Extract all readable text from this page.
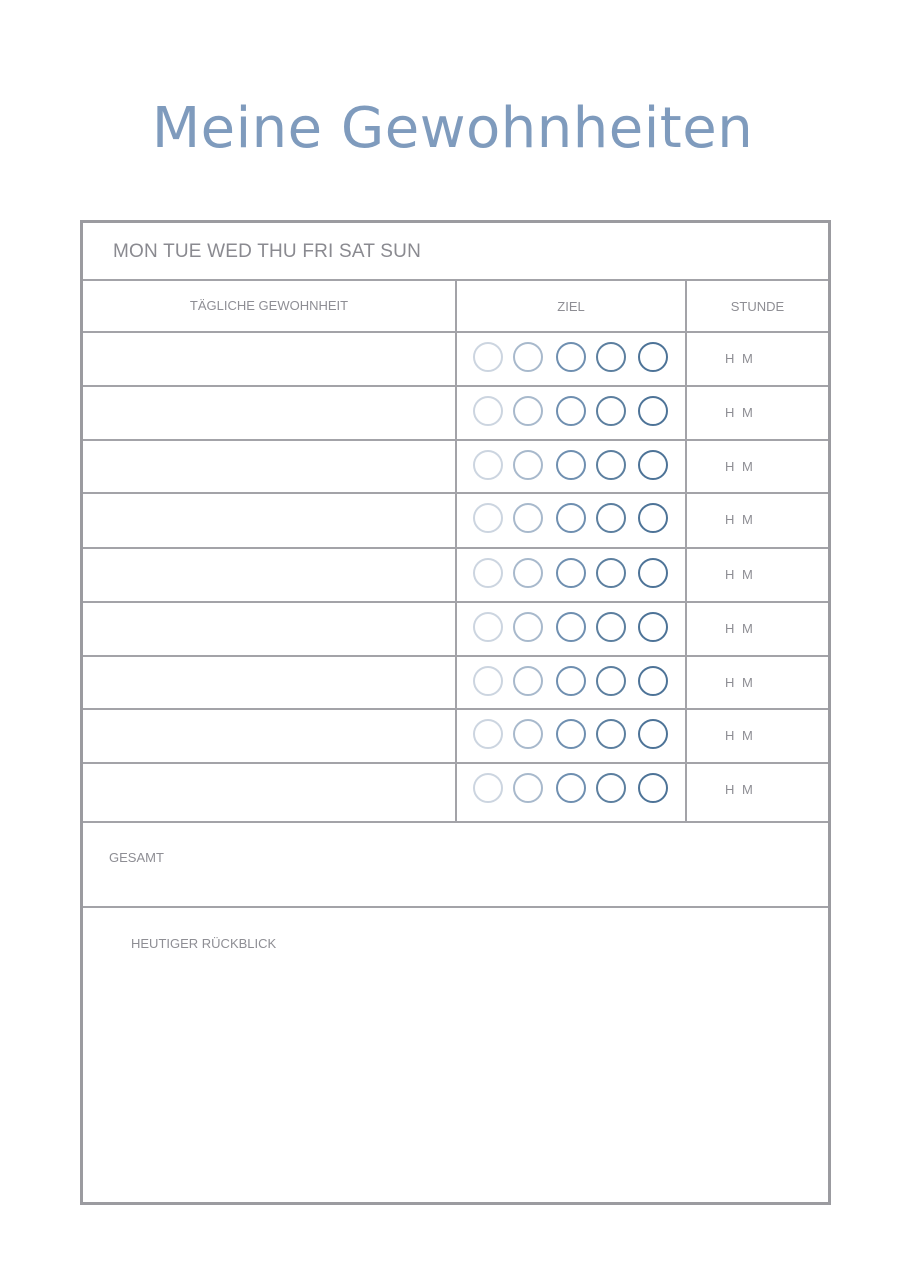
Meine Gewohnheiten
MON TUE WED THU FRI SAT SUN
TÄGLICHE GEWOHNHEIT	ZIEL	STUNDE
H M
H M
H M
H M
H M
H M
H M
H M
H M
GESAMT
HEUTIGER RÜCKBLICK
